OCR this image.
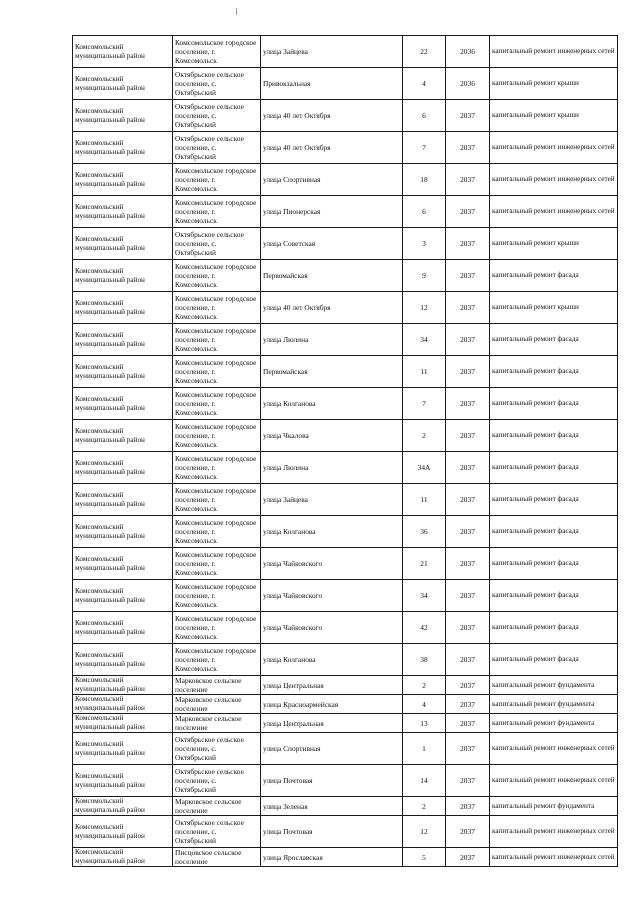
Комсомольский муниципальный район	Комсомольское городское поселение, г. Комсомольск	улица Зайцева	22	2036	капитальный ремонт инженерных сетей
Комсомольский муниципальный район	Октябрьское сельское поселение, с. Октябрьский	Привокзальная	4	2036	капитальный ремонт крыши
Комсомольский муниципальный район	Октябрьское сельское поселение, с. Октябрьский	улица 40 лет Октября	6	2037	капитальный ремонт крыши
Комсомольский муниципальный район	Октябрьское сельское поселение, с. Октябрьский	улица 40 лет Октября	7	2037	капитальный ремонт инженерных сетей
Комсомольский муниципальный район	Комсомольское городское поселение, г. Комсомольск	улица Спортивная	18	2037	капитальный ремонт инженерных сетей
Комсомольский муниципальный район	Комсомольское городское поселение, г. Комсомольск	улица Пионерская	6	2037	капитальный ремонт инженерных сетей
Комсомольский муниципальный район	Октябрьское сельское поселение, с. Октябрьский	улица Советская	3	2037	капитальный ремонт крыши
Комсомольский муниципальный район	Комсомольское городское поселение, г. Комсомольск	Первомайская	9	2037	капитальный ремонт фасада
Комсомольский муниципальный район	Комсомольское городское поселение, г. Комсомольск	улица 40 лет Октября	12	2037	капитальный ремонт крыши
Комсомольский муниципальный район	Комсомольское городское поселение, г. Комсомольск	улица Люлина	34	2037	капитальный ремонт фасада
Комсомольский муниципальный район	Комсомольское городское поселение, г. Комсомольск	Первомайская	11	2037	капитальный ремонт фасада
Комсомольский муниципальный район	Комсомольское городское поселение, г. Комсомольск	улица Колганова	7	2037	капитальный ремонт фасада
Комсомольский муниципальный район	Комсомольское городское поселение, г. Комсомольск	улица Чкалова	2	2037	капитальный ремонт фасада
Комсомольский муниципальный район	Комсомольское городское поселение, г. Комсомольск	улица Люлина	34А	2037	капитальный ремонт фасада
Комсомольский муниципальный район	Комсомольское городское поселение, г. Комсомольск	улица Зайцева	11	2037	капитальный ремонт фасада
Комсомольский муниципальный район	Комсомольское городское поселение, г. Комсомольск	улица Колганова	36	2037	капитальный ремонт фасада
Комсомольский муниципальный район	Комсомольское городское поселение, г. Комсомольск	улица Чайковского	21	2037	капитальный ремонт фасада
Комсомольский муниципальный район	Комсомольское городское поселение, г. Комсомольск	улица Чайковского	34	2037	капитальный ремонт фасада
Комсомольский муниципальный район	Комсомольское городское поселение, г. Комсомольск	улица Чайковского	42	2037	капитальный ремонт фасада
Комсомольский муниципальный район	Комсомольское городское поселение, г. Комсомольск	улица Колганова	38	2037	капитальный ремонт фасада
Комсомольский муниципальный район	Марковское сельское поселение	улица Центральная	2	2037	капитальный ремонт фундамента
Комсомольский муниципальный район	Марковское сельское поселение	улица Красноармейская	4	2037	капитальный ремонт фундамента
Комсомольский муниципальный район	Марковское сельское поселение	улица Центральная	13	2037	капитальный ремонт фундамента
Комсомольский муниципальный район	Октябрьское сельское поселение, с. Октябрьский	улица Спортивная	1	2037	капитальный ремонт инженерных сетей
Комсомольский муниципальный район	Октябрьское сельское поселение, с. Октябрьский	улица Почтовая	14	2037	капитальный ремонт инженерных сетей
Комсомольский муниципальный район	Марковское сельское поселение	улица Зеленая	2	2037	капитальный ремонт фундамента
Комсомольский муниципальный район	Октябрьское сельское поселение, с. Октябрьский	улица Почтовая	12	2037	капитальный ремонт инженерных сетей
Комсомольский муниципальный район	Писцовское сельское поселение	улица Ярославская	5	2037	капитальный ремонт инженерных сетей
